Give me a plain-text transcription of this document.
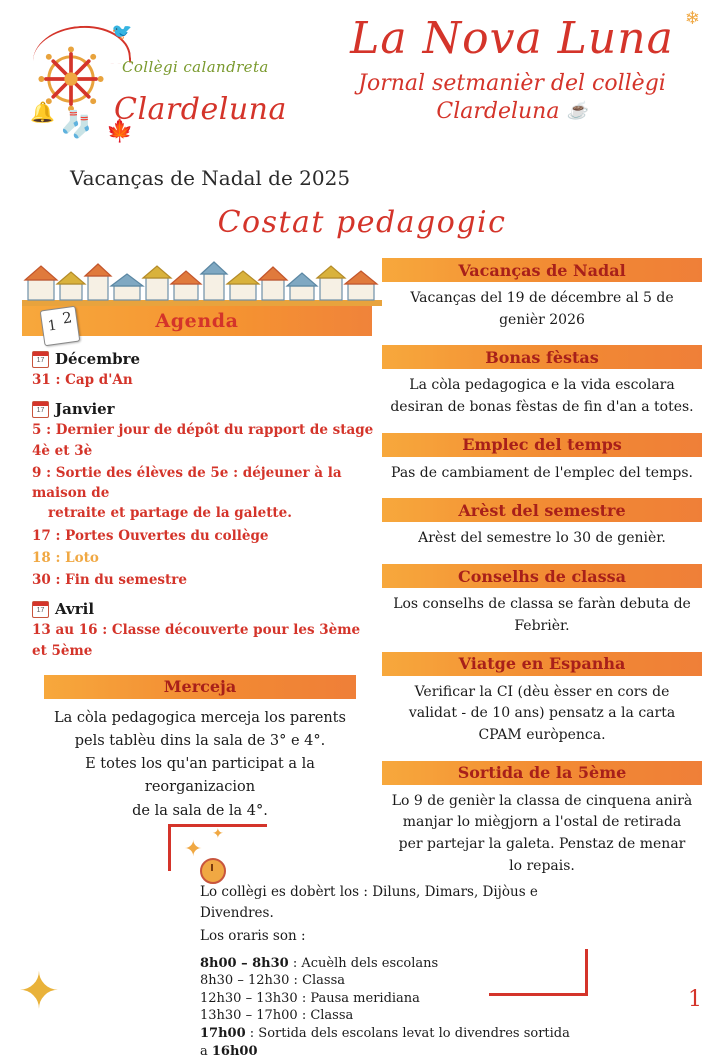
🐦
🔔
Collègi calandreta
Clardeluna
🧦 🍁
❄
La Nova Luna
Jornal setmanièr del collègi
Clardeluna ☕
Vacanças de Nadal de 2025
Costat pedagogic
1 2	Agenda
17 Décembre
31 : Cap d'An
17 Janvier
5 : Dernier jour de dépôt du rapport de stage 4è et 3è
9 : Sortie des élèves de 5e : déjeuner à la maison de
retraite et partage de la galette.
17 : Portes Ouvertes du collège
18 : Loto
30 : Fin du semestre
17 Avril
13 au 16 : Classe découverte pour les 3ème et 5ème
Merceja
La còla pedagogica merceja los parents
pels tablèu dins la sala de 3° e 4°.
E totes los qu'an participat a la reorganizacion
de la sala de la 4°.
Vacanças de Nadal
Vacanças del 19 de décembre al 5 de genièr 2026
Bonas fèstas
La còla pedagogica e la vida escolara desiran de bonas fèstas de fin d'an a totes.
Emplec del temps
Pas de cambiament de l'emplec del temps.
Arèst del semestre
Arèst del semestre lo 30 de genièr.
Conselhs de classa
Los conselhs de classa se faràn debuta de Febrièr.
Viatge en Espanha
Verificar la CI (dèu èsser en cors de validat - de 10 ans) pensatz a la carta CPAM euròpenca.
Sortida de la 5ème
Lo 9 de genièr la classa de cinquena anirà manjar lo miègjorn a l'ostal de retirada per partejar la galeta. Penstaz de menar lo repais.
✦
✦

Lo collègi es dobèrt los : Diluns, Dimars, Dijòus e Divendres.

Los oraris son :

8h00 – 8h30 : Acuèlh dels escolans
8h30 – 12h30 : Classa
12h30 – 13h30 : Pausa meridiana
13h30 – 17h00 : Classa
17h00 : Sortida dels escolans levat lo divendres sortida a 16h00
✦	1
